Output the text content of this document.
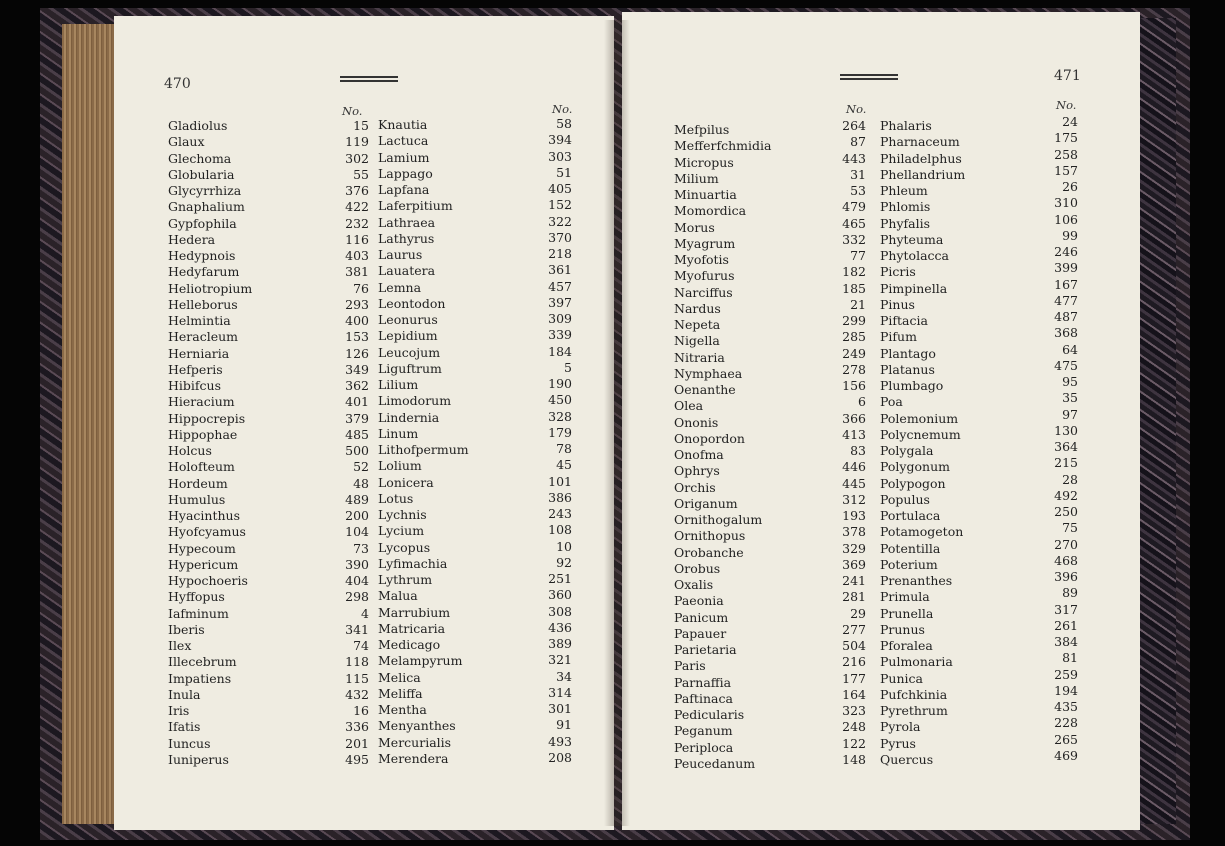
470
No.	No.
Gladiolus
Glaux
Glechoma
Globularia
Glycyrrhiza
Gnaphalium
Gypfophila
Hedera
Hedypnois
Hedyfarum
Heliotropium
Helleborus
Helmintia
Heracleum
Herniaria
Hefperis
Hibifcus
Hieracium
Hippocrepis
Hippophae
Holcus
Holofteum
Hordeum
Humulus
Hyacinthus
Hyofcyamus
Hypecoum
Hypericum
Hypochoeris
Hyffopus
Iafminum
Iberis
Ilex
Illecebrum
Impatiens
Inula
Iris
Ifatis
Iuncus
Iuniperus
15
119
302
55
376
422
232
116
403
381
76
293
400
153
126
349
362
401
379
485
500
52
48
489
200
104
73
390
404
298
4
341
74
118
115
432
16
336
201
495
Knautia
Lactuca
Lamium
Lappago
Lapfana
Laferpitium
Lathraea
Lathyrus
Laurus
Lauatera
Lemna
Leontodon
Leonurus
Lepidium
Leucojum
Liguftrum
Lilium
Limodorum
Lindernia
Linum
Lithofpermum
Lolium
Lonicera
Lotus
Lychnis
Lycium
Lycopus
Lyfimachia
Lythrum
Malua
Marrubium
Matricaria
Medicago
Melampyrum
Melica
Meliffa
Mentha
Menyanthes
Mercurialis
Merendera
58
394
303
51
405
152
322
370
218
361
457
397
309
339
184
5
190
450
328
179
78
45
101
386
243
108
10
92
251
360
308
436
389
321
34
314
301
91
493
208
471
No.	No.
Mefpilus
Mefferfchmidia
Micropus
Milium
Minuartia
Momordica
Morus
Myagrum
Myofotis
Myofurus
Narciffus
Nardus
Nepeta
Nigella
Nitraria
Nymphaea
Oenanthe
Olea
Ononis
Onopordon
Onofma
Ophrys
Orchis
Origanum
Ornithogalum
Ornithopus
Orobanche
Orobus
Oxalis
Paeonia
Panicum
Papauer
Parietaria
Paris
Parnaffia
Paftinaca
Pedicularis
Peganum
Periploca
Peucedanum
264
87
443
31
53
479
465
332
77
182
185
21
299
285
249
278
156
6
366
413
83
446
445
312
193
378
329
369
241
281
29
277
504
216
177
164
323
248
122
148
Phalaris
Pharnaceum
Philadelphus
Phellandrium
Phleum
Phlomis
Phyfalis
Phyteuma
Phytolacca
Picris
Pimpinella
Pinus
Piftacia
Pifum
Plantago
Platanus
Plumbago
Poa
Polemonium
Polycnemum
Polygala
Polygonum
Polypogon
Populus
Portulaca
Potamogeton
Potentilla
Poterium
Prenanthes
Primula
Prunella
Prunus
Pforalea
Pulmonaria
Punica
Pufchkinia
Pyrethrum
Pyrola
Pyrus
Quercus
24
175
258
157
26
310
106
99
246
399
167
477
487
368
64
475
95
35
97
130
364
215
28
492
250
75
270
468
396
89
317
261
384
81
259
194
435
228
265
469
